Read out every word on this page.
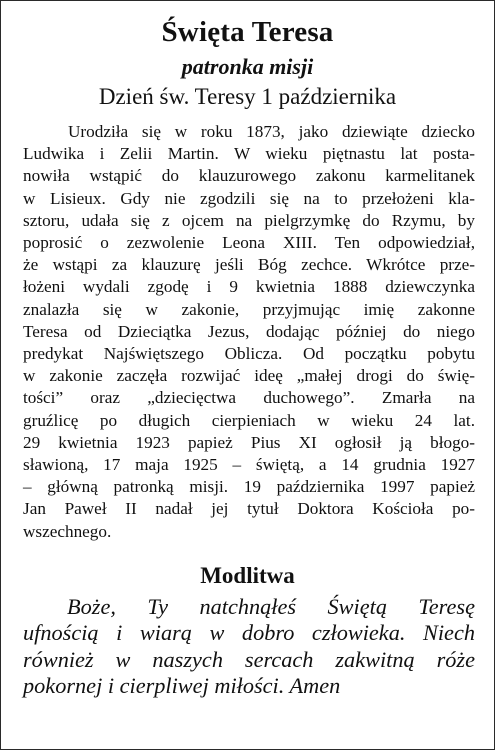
Święta Teresa
patronka misji
Dzień św. Teresy 1 października
Urodziła się w roku 1873, jako dziewiąte dziecko
Ludwika i Zelii Martin. W wieku piętnastu lat posta-
nowiła wstąpić do klauzurowego zakonu karmelitanek
w Lisieux. Gdy nie zgodzili się na to przełożeni kla-
sztoru, udała się z ojcem na pielgrzymkę do Rzymu, by
poprosić o zezwolenie Leona XIII. Ten odpowiedział,
że wstąpi za klauzurę jeśli Bóg zechce. Wkrótce prze-
łożeni wydali zgodę i 9 kwietnia 1888 dziewczynka
znalazła się w zakonie, przyjmując imię zakonne
Teresa od Dzieciątka Jezus, dodając później do niego
predykat Najświętszego Oblicza. Od początku pobytu
w zakonie zaczęła rozwijać ideę „małej drogi do świę-
tości” oraz „dziecięctwa duchowego”. Zmarła na
gruźlicę po długich cierpieniach w wieku 24 lat.
29 kwietnia 1923 papież Pius XI ogłosił ją błogo-
sławioną, 17 maja 1925 – świętą, a 14 grudnia 1927
– główną patronką misji. 19 października 1997 papież
Jan Paweł II nadał jej tytuł Doktora Kościoła po-
wszechnego.
Modlitwa
Boże, Ty natchnąłeś Świętą Teresę
ufnością i wiarą w dobro człowieka. Niech
również w naszych sercach zakwitną róże
pokornej i cierpliwej miłości. Amen
